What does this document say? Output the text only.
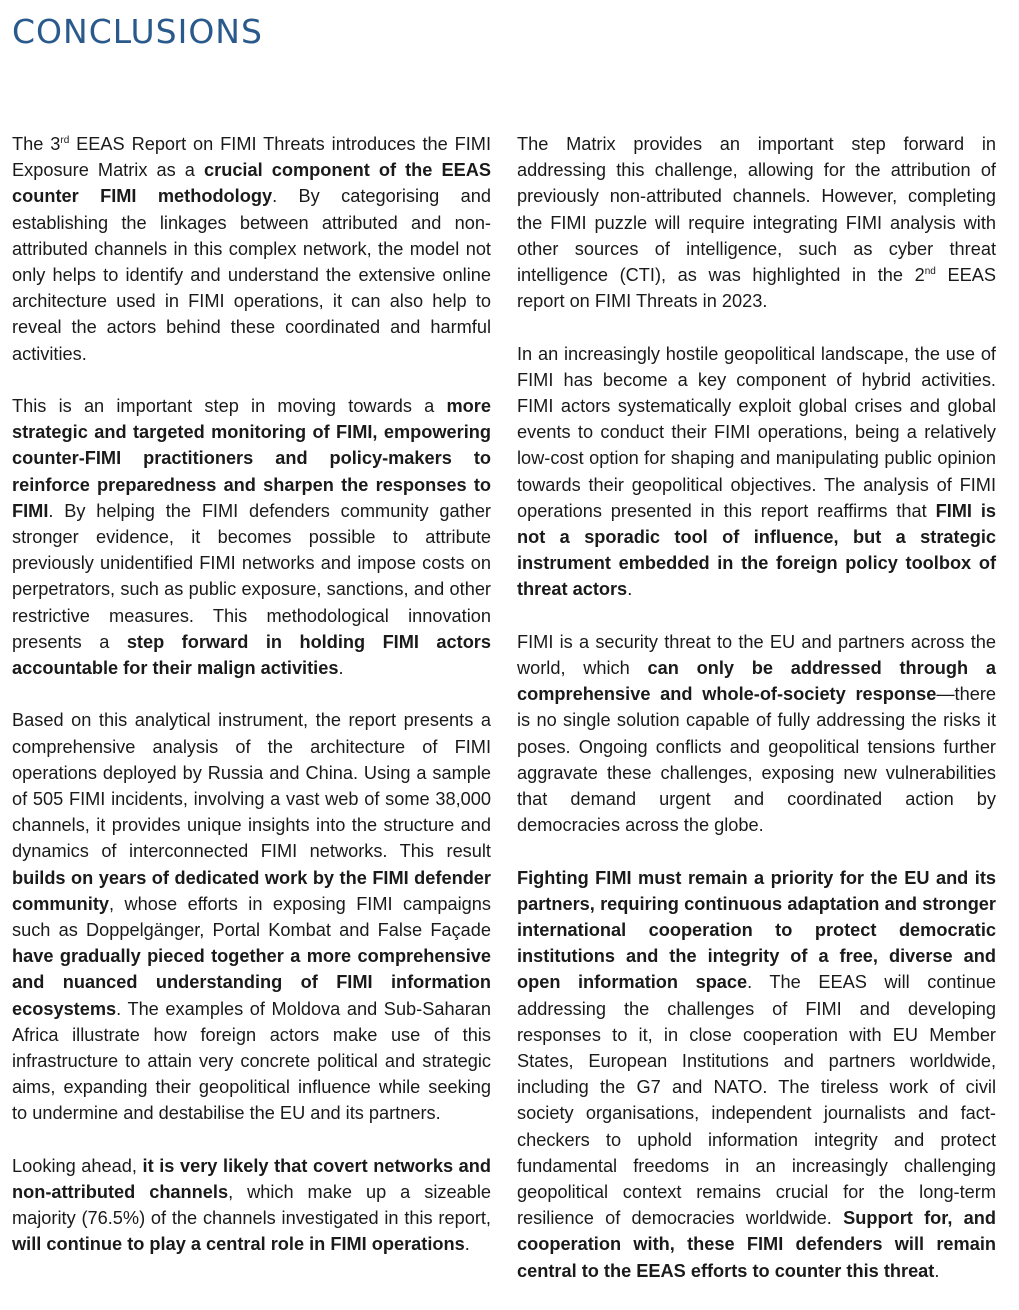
CONCLUSIONS

The 3rd EEAS Report on FIMI Threats introduces the FIMI Exposure Matrix as a crucial component of the EEAS counter FIMI methodology. By categorising and establishing the linkages between attributed and non-attributed channels in this complex network, the model not only helps to identify and understand the extensive online architecture used in FIMI operations, it can also help to reveal the actors behind these coordinated and harmful activities.

This is an important step in moving towards a more strategic and targeted monitoring of FIMI, empowering counter-FIMI practitioners and policy-makers to reinforce preparedness and sharpen the responses to FIMI. By helping the FIMI defenders community gather stronger evidence, it becomes possible to attribute previously unidentified FIMI networks and impose costs on perpetrators, such as public exposure, sanctions, and other restrictive measures. This methodological innovation presents a step forward in holding FIMI actors accountable for their malign activities.

Based on this analytical instrument, the report presents a comprehensive analysis of the architecture of FIMI operations deployed by Russia and China. Using a sample of 505 FIMI incidents, involving a vast web of some 38,000 channels, it provides unique insights into the structure and dynamics of interconnected FIMI networks. This result builds on years of dedicated work by the FIMI defender community, whose efforts in exposing FIMI campaigns such as Doppelgänger, Portal Kombat and False Façade have gradually pieced together a more comprehensive and nuanced understanding of FIMI information ecosystems. The examples of Moldova and Sub-Saharan Africa illustrate how foreign actors make use of this infrastructure to attain very concrete political and strategic aims, expanding their geopolitical influence while seeking to undermine and destabilise the EU and its partners.

Looking ahead, it is very likely that covert networks and non-attributed channels, which make up a sizeable majority (76.5%) of the channels investigated in this report, will continue to play a central role in FIMI operations.

The Matrix provides an important step forward in addressing this challenge, allowing for the attribution of previously non-attributed channels. However, completing the FIMI puzzle will require integrating FIMI analysis with other sources of intelligence, such as cyber threat intelligence (CTI), as was highlighted in the 2nd EEAS report on FIMI Threats in 2023.

In an increasingly hostile geopolitical landscape, the use of FIMI has become a key component of hybrid activities. FIMI actors systematically exploit global crises and global events to conduct their FIMI operations, being a relatively low-cost option for shaping and manipulating public opinion towards their geopolitical objectives. The analysis of FIMI operations presented in this report reaffirms that FIMI is not a sporadic tool of influence, but a strategic instrument embedded in the foreign policy toolbox of threat actors.

FIMI is a security threat to the EU and partners across the world, which can only be addressed through a comprehensive and whole-of-society response—there is no single solution capable of fully addressing the risks it poses. Ongoing conflicts and geopolitical tensions further aggravate these challenges, exposing new vulnerabilities that demand urgent and coordinated action by democracies across the globe.

Fighting FIMI must remain a priority for the EU and its partners, requiring continuous adaptation and stronger international cooperation to protect democratic institutions and the integrity of a free, diverse and open information space. The EEAS will continue addressing the challenges of FIMI and developing responses to it, in close cooperation with EU Member States, European Institutions and partners worldwide, including the G7 and NATO. The tireless work of civil society organisations, independent journalists and fact-checkers to uphold information integrity and protect fundamental freedoms in an increasingly challenging geopolitical context remains crucial for the long-term resilience of democracies worldwide. Support for, and cooperation with, these FIMI defenders will remain central to the EEAS efforts to counter this threat.
